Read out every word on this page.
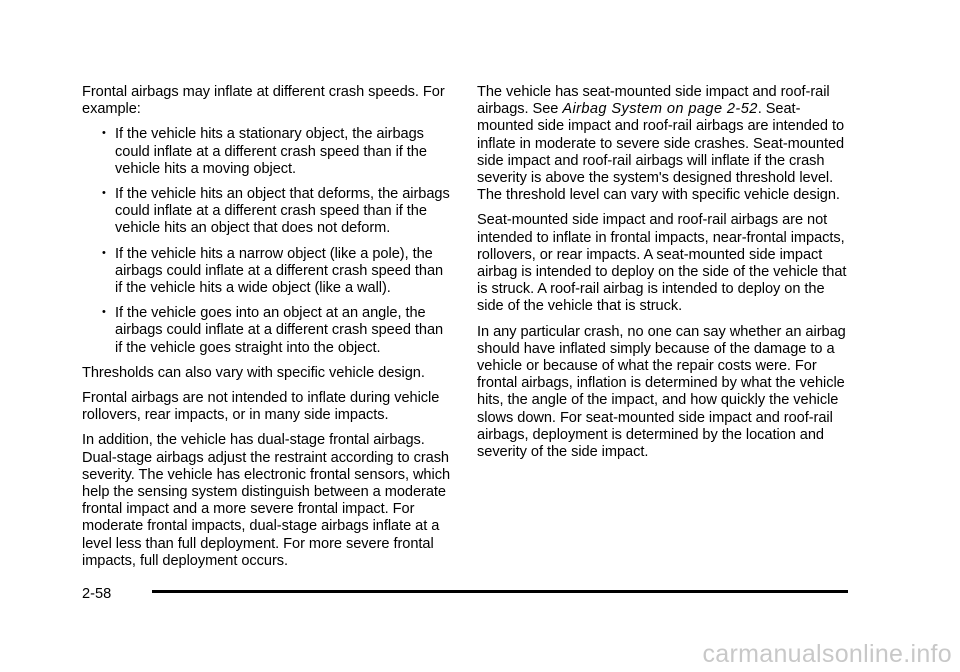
Frontal airbags may inflate at different crash speeds. For example:

• If the vehicle hits a stationary object, the airbags could inflate at a different crash speed than if the vehicle hits a moving object.
• If the vehicle hits an object that deforms, the airbags could inflate at a different crash speed than if the vehicle hits an object that does not deform.
• If the vehicle hits a narrow object (like a pole), the airbags could inflate at a different crash speed than if the vehicle hits a wide object (like a wall).
• If the vehicle goes into an object at an angle, the airbags could inflate at a different crash speed than if the vehicle goes straight into the object.

Thresholds can also vary with specific vehicle design.

Frontal airbags are not intended to inflate during vehicle rollovers, rear impacts, or in many side impacts.

In addition, the vehicle has dual-stage frontal airbags. Dual-stage airbags adjust the restraint according to crash severity. The vehicle has electronic frontal sensors, which help the sensing system distinguish between a moderate frontal impact and a more severe frontal impact. For moderate frontal impacts, dual-stage airbags inflate at a level less than full deployment. For more severe frontal impacts, full deployment occurs.

The vehicle has seat-mounted side impact and roof-rail airbags. See Airbag System on page 2-52. Seat-mounted side impact and roof-rail airbags are intended to inflate in moderate to severe side crashes. Seat-mounted side impact and roof-rail airbags will inflate if the crash severity is above the system's designed threshold level. The threshold level can vary with specific vehicle design.

Seat-mounted side impact and roof-rail airbags are not intended to inflate in frontal impacts, near-frontal impacts, rollovers, or rear impacts. A seat-mounted side impact airbag is intended to deploy on the side of the vehicle that is struck. A roof-rail airbag is intended to deploy on the side of the vehicle that is struck.

In any particular crash, no one can say whether an airbag should have inflated simply because of the damage to a vehicle or because of what the repair costs were. For frontal airbags, inflation is determined by what the vehicle hits, the angle of the impact, and how quickly the vehicle slows down. For seat-mounted side impact and roof-rail airbags, deployment is determined by the location and severity of the side impact.

2-58
carmanualsonline.info
